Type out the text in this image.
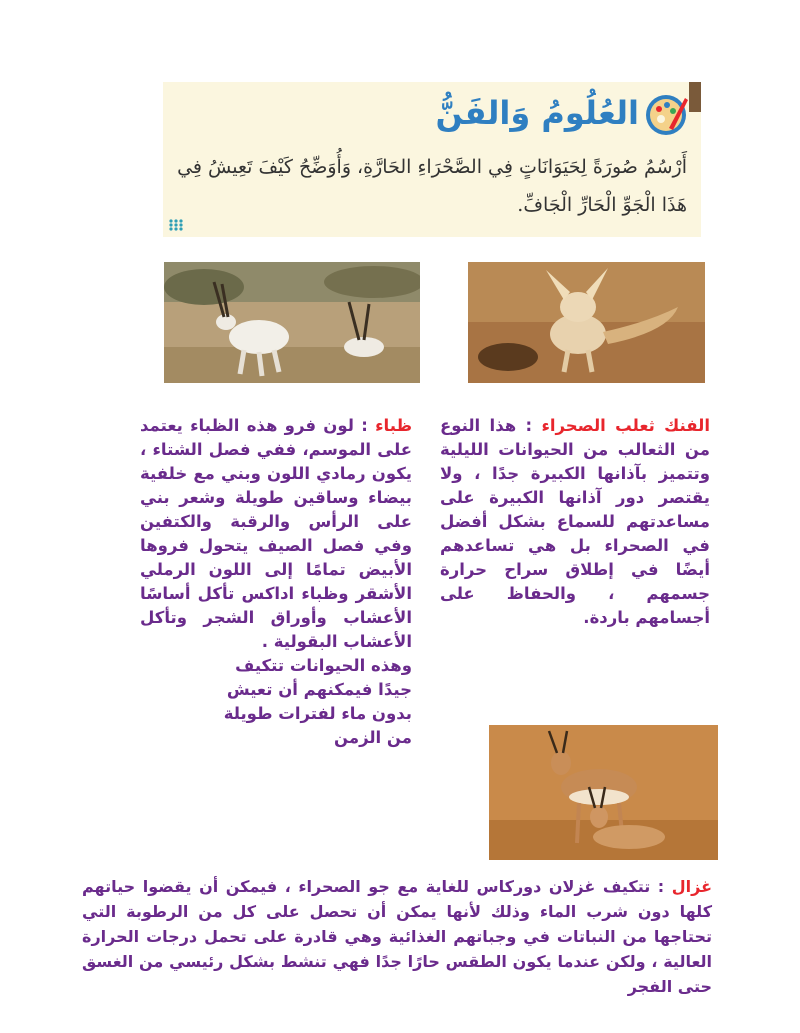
العُلُومُ وَالفَنُّ
أَرْسُمُ صُورَةً لِحَيَوَانَاتٍ فِي الصَّحْرَاءِ الحَارَّةِ، وَأُوَضِّحُ كَيْفَ تَعِيشُ فِي هَذَا الْجَوِّ الْحَارِّ الْجَافِّ.
الفنك ثعلب الصحراء : هذا النوع من الثعالب من الحيوانات الليلية وتتميز بآذانها الكبيرة جدًا ، ولا يقتصر دور آذانها الكبيرة على مساعدتهم للسماع بشكل أفضل في الصحراء بل هي تساعدهم أيضًا في إطلاق سراح حرارة جسمهم ، والحفاظ على أجسامهم باردة.
ظباء : لون فرو هذه الظباء يعتمد على الموسم، ففي فصل الشتاء ، يكون رمادي اللون وبني مع خلفية بيضاء وساقين طويلة وشعر بني على الرأس والرقبة والكتفين وفي فصل الصيف يتحول فروها الأبيض تمامًا إلى اللون الرملي الأشقر وظباء اداكس تأكل أساسًا الأعشاب وأوراق الشجر وتأكل الأعشاب البقولية .
وهذه الحيوانات تتكيف جيدًا فيمكنهم أن تعيش بدون ماء لفترات طويلة من الزمن
غزال : تتكيف غزلان دوركاس للغاية مع جو الصحراء ، فيمكن أن يقضوا حياتهم كلها دون شرب الماء وذلك لأنها يمكن أن تحصل على كل من الرطوبة التي تحتاجها من النباتات في وجباتهم الغذائية وهي قادرة على تحمل درجات الحرارة العالية ، ولكن عندما يكون الطقس حارًا جدًا فهي تنشط بشكل رئيسي من الغسق حتى الفجر
